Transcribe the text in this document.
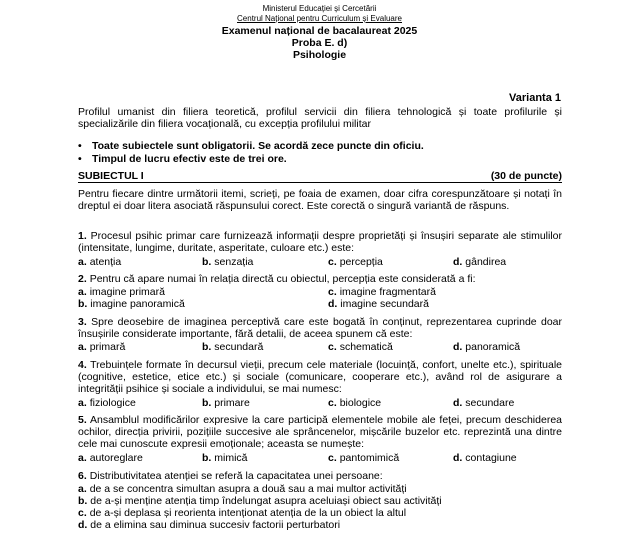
Ministerul Educației și Cercetării
Centrul Național pentru Curriculum și Evaluare
Examenul național de bacalaureat 2025
Proba E. d)
Psihologie
Varianta 1
Profilul umanist din filiera teoretică, profilul servicii din filiera tehnologică și toate profilurile și specializările din filiera vocațională, cu excepția profilului militar
• Toate subiectele sunt obligatorii. Se acordă zece puncte din oficiu.
• Timpul de lucru efectiv este de trei ore.
SUBIECTUL I	(30 de puncte)
Pentru fiecare dintre următorii itemi, scrieți, pe foaia de examen, doar cifra corespunzătoare și notați în dreptul ei doar litera asociată răspunsului corect. Este corectă o singură variantă de răspuns.
1. Procesul psihic primar care furnizează informații despre proprietăți și însușiri separate ale stimulilor (intensitate, lungime, duritate, asperitate, culoare etc.) este:
a. atenția	b. senzația	c. percepția	d. gândirea
2. Pentru că apare numai în relația directă cu obiectul, percepția este considerată a fi:
a. imagine primară	c. imagine fragmentară
b. imagine panoramică	d. imagine secundară
3. Spre deosebire de imaginea perceptivă care este bogată în conținut, reprezentarea cuprinde doar însușirile considerate importante, fără detalii, de aceea spunem că este:
a. primară	b. secundară	c. schematică	d. panoramică
4. Trebuințele formate în decursul vieții, precum cele materiale (locuință, confort, unelte etc.), spirituale (cognitive, estetice, etice etc.) și sociale (comunicare, cooperare etc.), având rol de asigurare a integrității psihice și sociale a individului, se mai numesc:
a. fiziologice	b. primare	c. biologice	d. secundare
5. Ansamblul modificărilor expresive la care participă elementele mobile ale feței, precum deschiderea ochilor, direcția privirii, pozițiile succesive ale sprâncenelor, mișcările buzelor etc. reprezintă una dintre cele mai cunoscute expresii emoționale; aceasta se numește:
a. autoreglare	b. mimică	c. pantomimică	d. contagiune
6. Distributivitatea atenției se referă la capacitatea unei persoane:
a. de a se concentra simultan asupra a două sau a mai multor activități
b. de a-și menține atenția timp îndelungat asupra aceluiași obiect sau activități
c. de a-și deplasa și reorienta intenționat atenția de la un obiect la altul
d. de a elimina sau diminua succesiv factorii perturbatori
